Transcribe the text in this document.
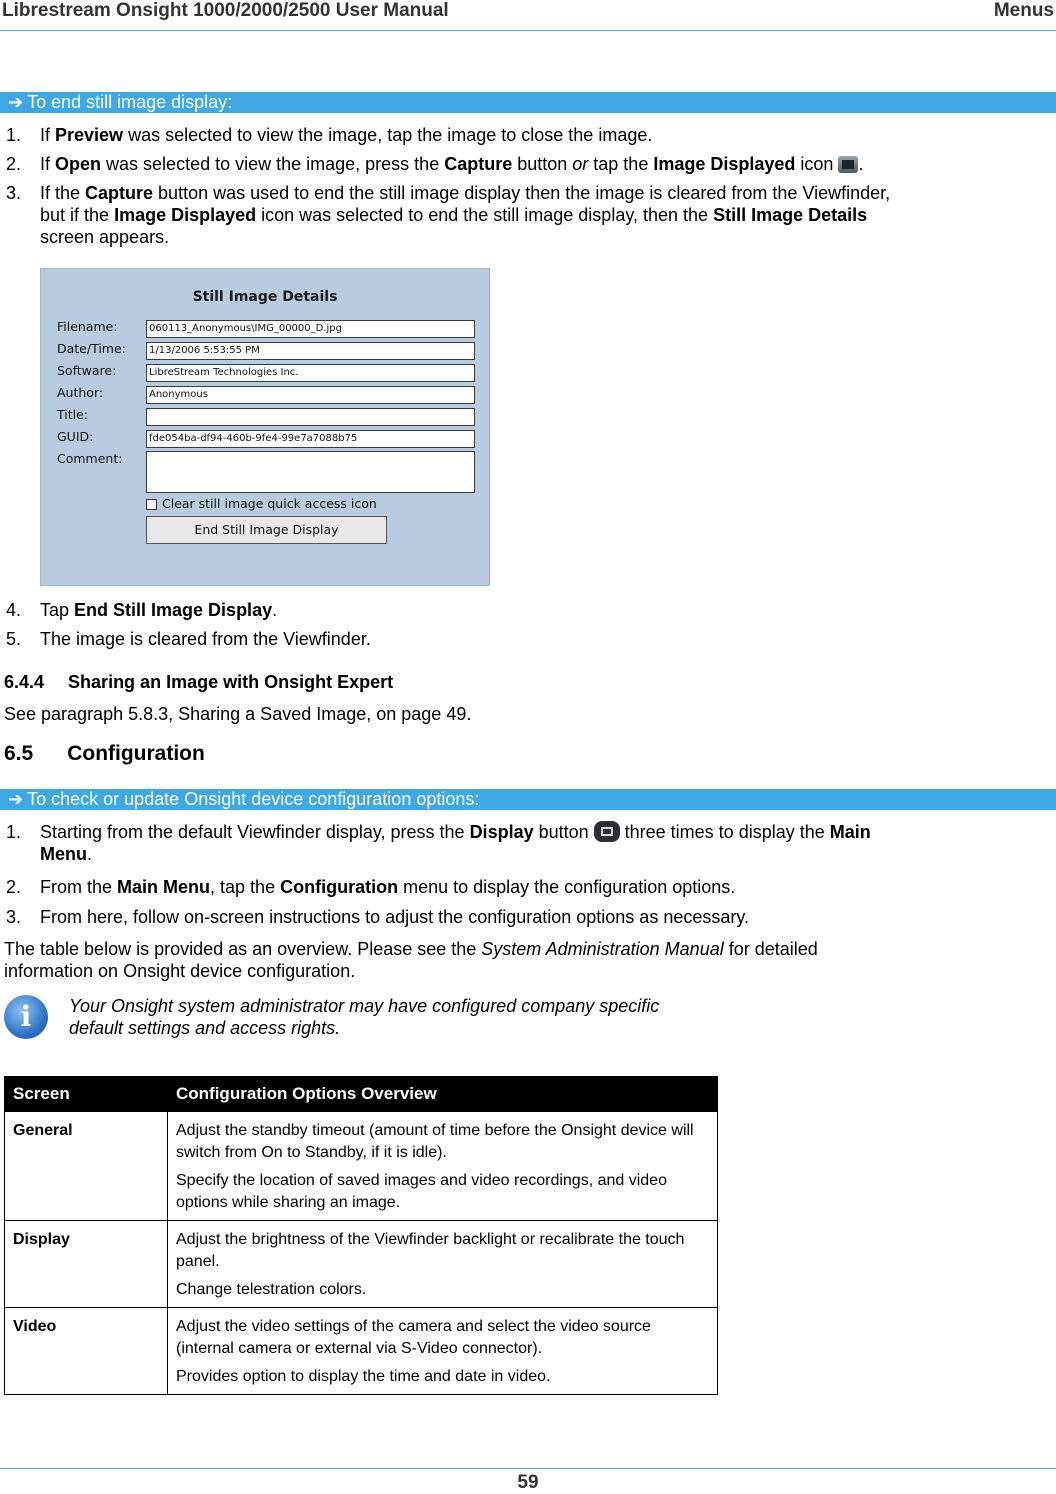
Librestream Onsight 1000/2000/2500 User Manual	Menus
➔ To end still image display:
1. If Preview was selected to view the image, tap the image to close the image.
2. If Open was selected to view the image, press the Capture button or tap the Image Displayed icon .
3. If the Capture button was used to end the still image display then the image is cleared from the Viewfinder,
but if the Image Displayed icon was selected to end the still image display, then the Still Image Details
screen appears.
Still Image Details
Filename:	060113_Anonymous\IMG_00000_D.jpg
Date/Time:	1/13/2006 5:53:55 PM
Software:	LibreStream Technologies Inc.
Author:	Anonymous
Title:
GUID:	fde054ba-df94-460b-9fe4-99e7a7088b75
Comment:
Clear still image quick access icon
End Still Image Display
4. Tap End Still Image Display.
5. The image is cleared from the Viewfinder.
6.4.4 Sharing an Image with Onsight Expert
See paragraph 5.8.3, Sharing a Saved Image, on page 49.
6.5 Configuration
➔ To check or update Onsight device configuration options:
1. Starting from the default Viewfinder display, press the Display button  three times to display the Main
Menu.
2. From the Main Menu, tap the Configuration menu to display the configuration options.
3. From here, follow on-screen instructions to adjust the configuration options as necessary.
The table below is provided as an overview. Please see the System Administration Manual for detailed
information on Onsight device configuration.
i	Your Onsight system administrator may have configured company specific
default settings and access rights.
Screen	Configuration Options Overview
General	Adjust the standby timeout (amount of time before the Onsight device will switch from On to Standby, if it is idle).

Specify the location of saved images and video recordings, and video options while sharing an image.

Display	Adjust the brightness of the Viewfinder backlight or recalibrate the touch panel.

Change telestration colors.

Video	Adjust the video settings of the camera and select the video source (internal camera or external via S-Video connector).

Provides option to display the time and date in video.

59
